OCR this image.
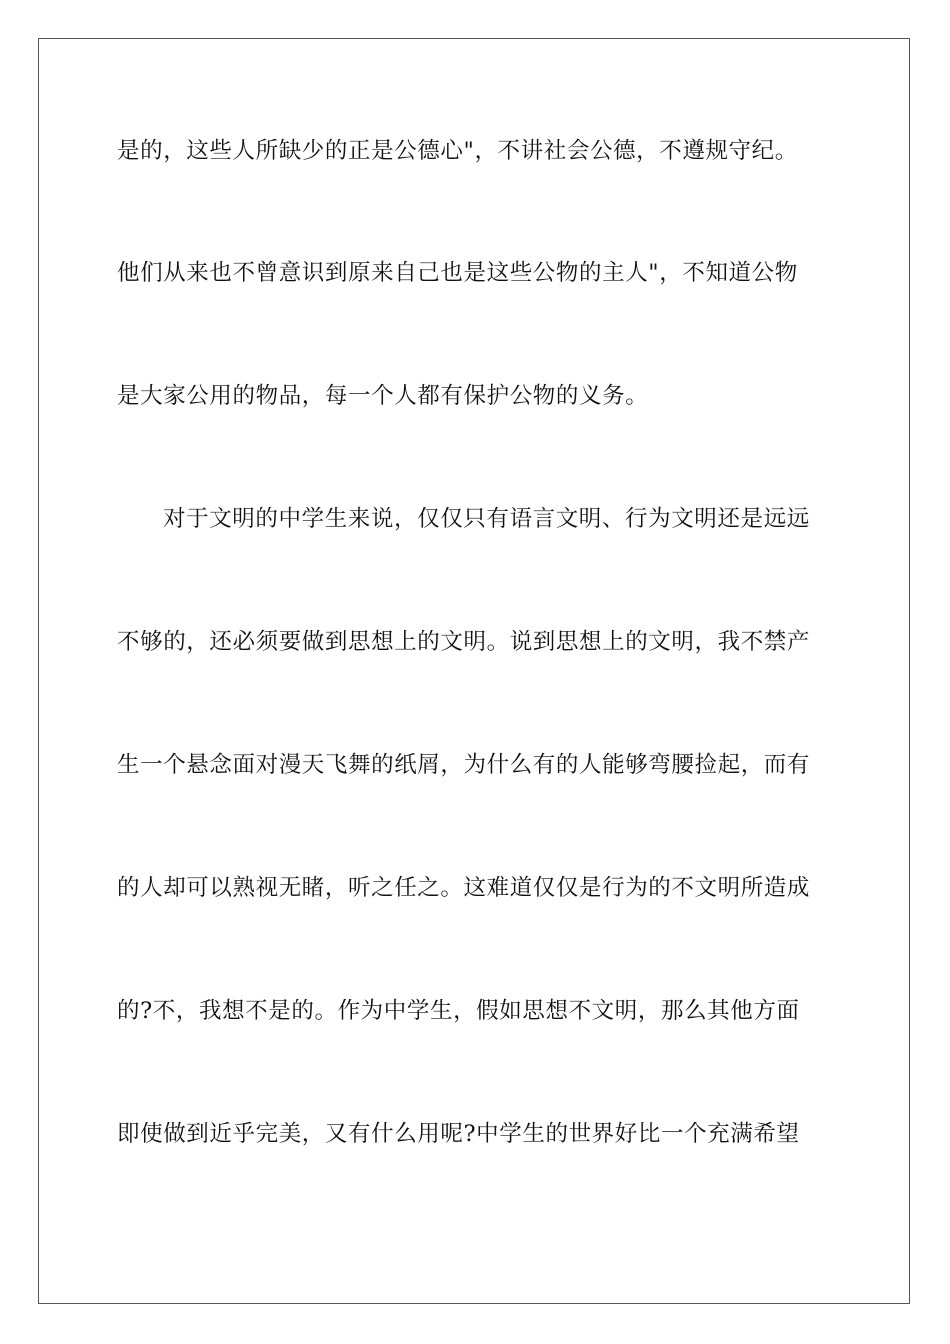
是的，这些人所缺少的正是公德心"，不讲社会公德，不遵规守纪。
他们从来也不曾意识到原来自己也是这些公物的主人"，不知道公物
是大家公用的物品，每一个人都有保护公物的义务。
对于文明的中学生来说，仅仅只有语言文明、行为文明还是远远
不够的，还必须要做到思想上的文明。说到思想上的文明，我不禁产
生一个悬念面对漫天飞舞的纸屑，为什么有的人能够弯腰捡起，而有
的人却可以熟视无睹，听之任之。这难道仅仅是行为的不文明所造成
的?不，我想不是的。作为中学生，假如思想不文明，那么其他方面
即使做到近乎完美，又有什么用呢?中学生的世界好比一个充满希望
